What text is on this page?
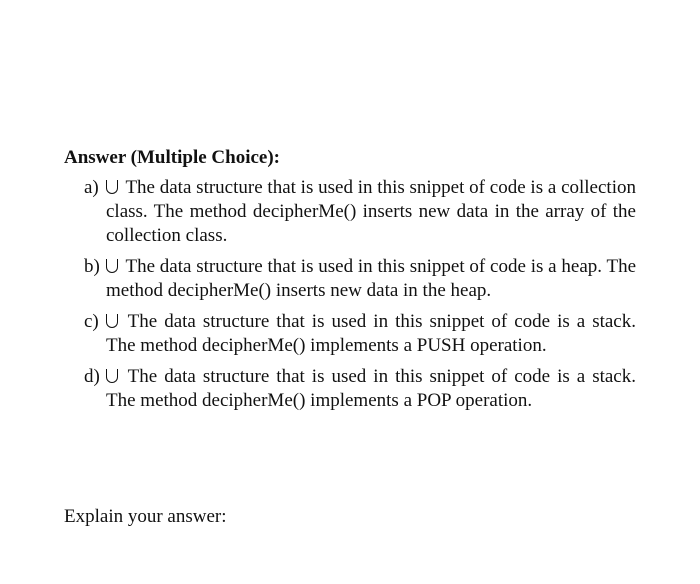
Answer (Multiple Choice):
a) The data structure that is used in this snippet of code is a collection class. The method decipherMe() inserts new data in the array of the collection class.
b) The data structure that is used in this snippet of code is a heap. The method decipherMe() inserts new data in the heap.
c) The data structure that is used in this snippet of code is a stack. The method decipherMe() implements a PUSH operation.
d) The data structure that is used in this snippet of code is a stack. The method decipherMe() implements a POP operation.
Explain your answer:
